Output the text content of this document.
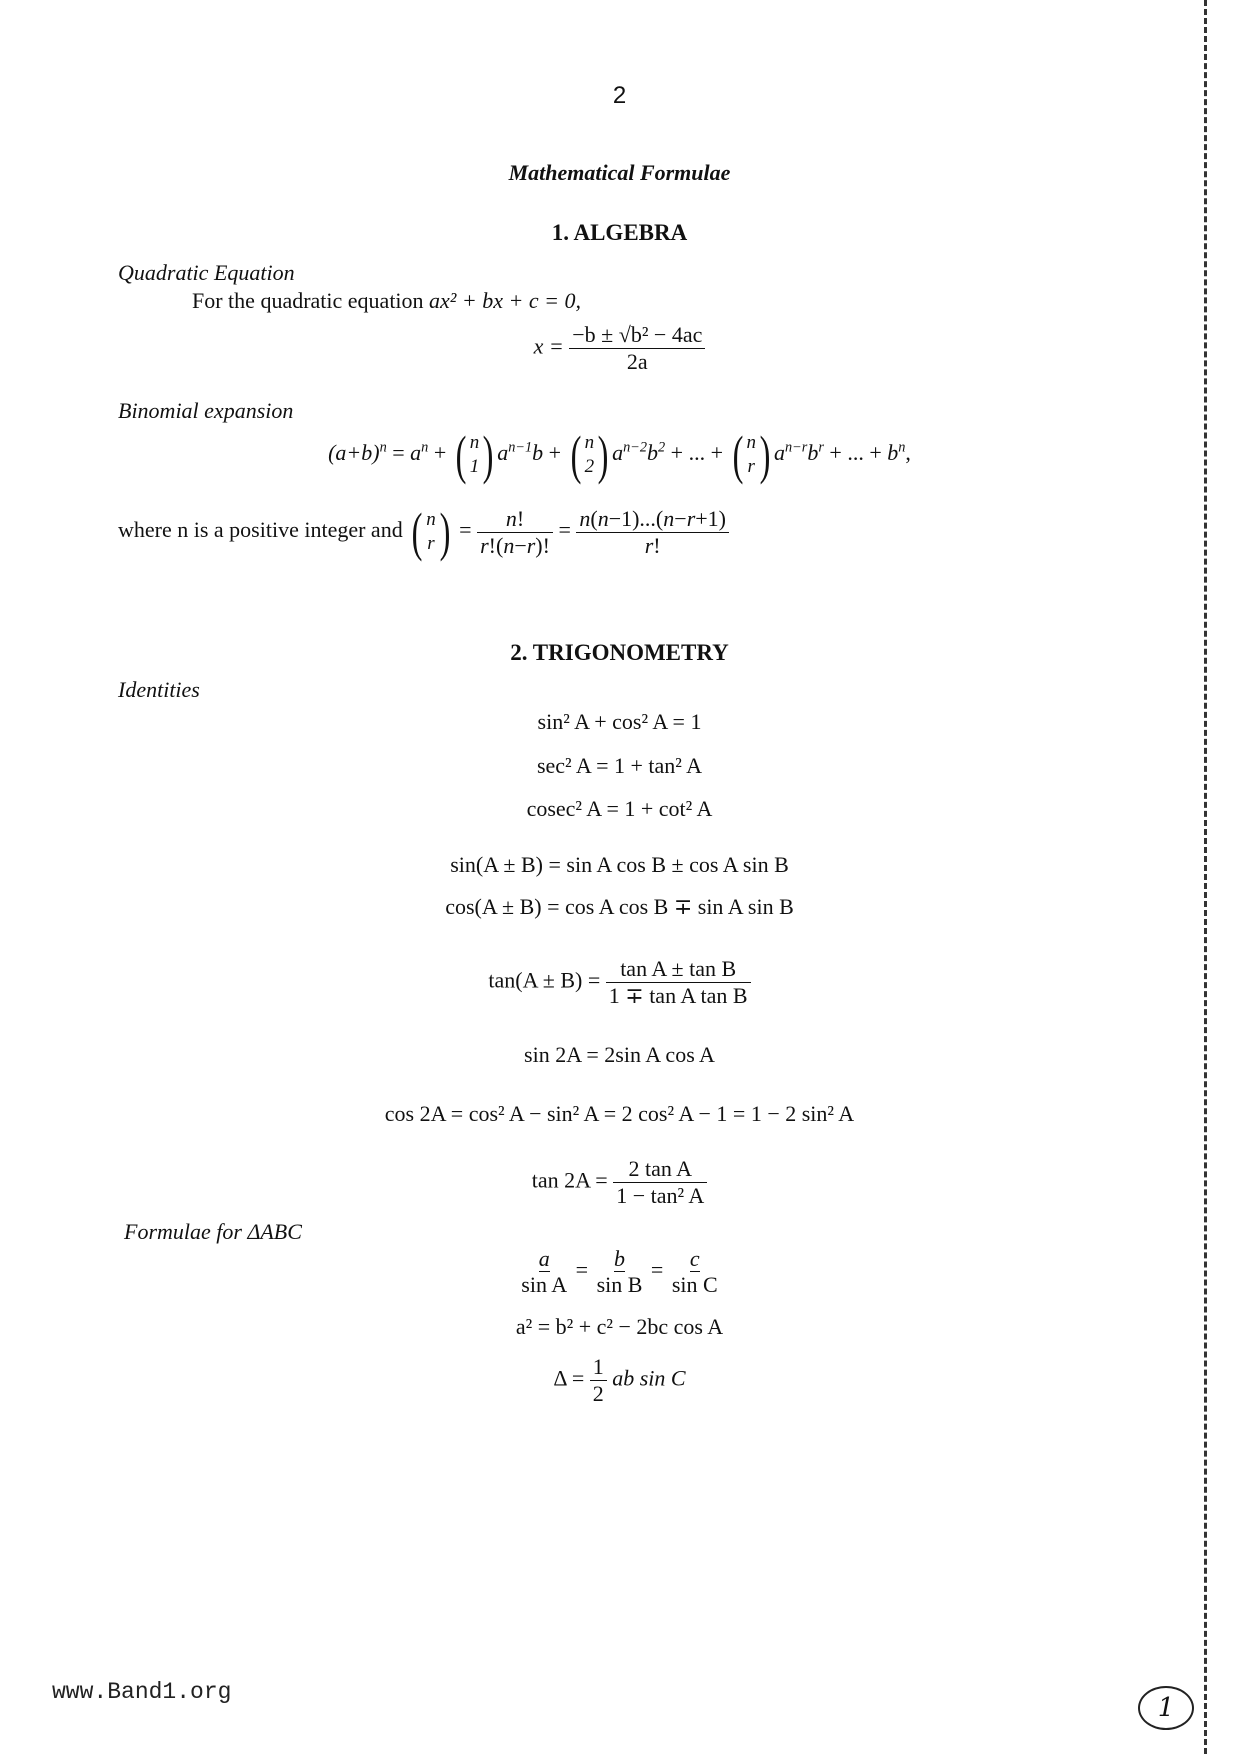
2
Mathematical Formulae
1. ALGEBRA
Quadratic Equation
For the quadratic equation ax² + bx + c = 0,
$x = \frac{\text{−b ± √b² − 4ac}}{2a}$
Binomial expansion
$(a+b)^n = a^n$ + ( n
1 ) $a^{n-1}b$ + ( n
2 ) $a^{n-2}b^2$ + ... + ( n
r ) $a^{n-r}b^r$ + ... + $b^n$,
where n is a positive integer and ( n
r ) = $\frac{n!}{r!(n-r)!} = \frac{n(n-1)...(n-r+1)}{r!}$
2. TRIGONOMETRY
Identities
sin² A + cos² A = 1
sec² A = 1 + tan² A
cosec² A = 1 + cot² A
sin(A ± B) = sin A cos B ± cos A sin B
cos(A ± B) = cos A cos B ∓ sin A sin B
$\tan(A \pm B) = \frac{\text{tan A ± tan B}}{\text{1 ∓ tan A tan B}}$
sin 2A = 2sin A cos A
cos 2A = cos² A − sin² A = 2 cos² A − 1 = 1 − 2 sin² A
$\tan 2A = \frac{\text{2 tan A}}{\text{1 − tan² A}}$
Formulae for ΔABC
$\frac{a}{\text{sin A}} = \frac{b}{\text{sin B}} = \frac{c}{\text{sin C}}$
a² = b² + c² − 2bc cos A
$\Delta = \frac{1}{2}$ ab sin C
www.Band1.org
1
